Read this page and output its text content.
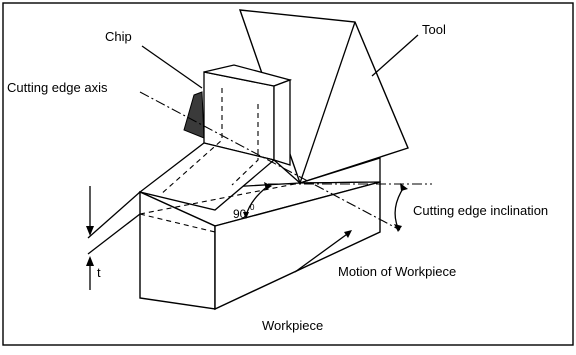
Chip	Tool
Cutting edge axis
Cutting edge inclination
90 0
t	Motion of Workpiece
Workpiece
